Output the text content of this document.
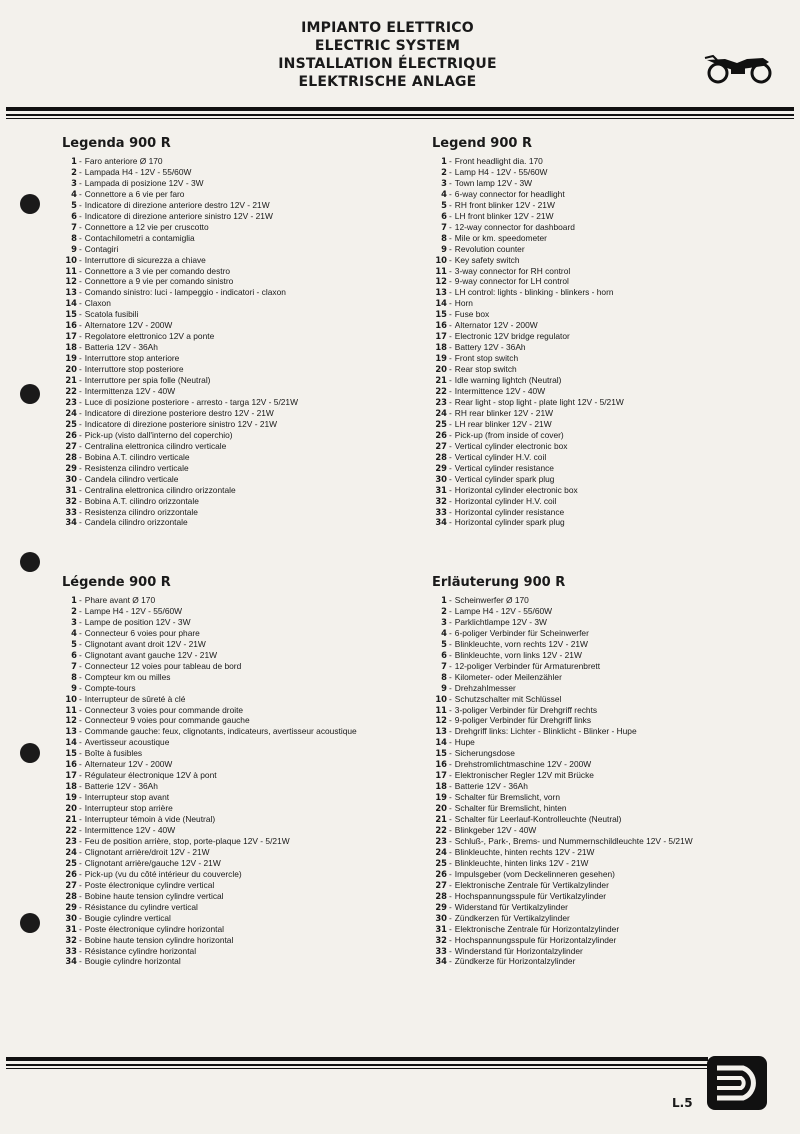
IMPIANTO ELETTRICO
ELECTRIC SYSTEM
INSTALLATION ÉLECTRIQUE
ELEKTRISCHE ANLAGE
Legenda 900 R
1 - Faro anteriore Ø 170
2 - Lampada H4 - 12V - 55/60W
3 - Lampada di posizione 12V - 3W
4 - Connettore a 6 vie per faro
5 - Indicatore di direzione anteriore destro 12V - 21W
6 - Indicatore di direzione anteriore sinistro 12V - 21W
7 - Connettore a 12 vie per cruscotto
8 - Contachilometri a contamiglia
9 - Contagiri
10 - Interruttore di sicurezza a chiave
11 - Connettore a 3 vie per comando destro
12 - Connettore a 9 vie per comando sinistro
13 - Comando sinistro: luci - lampeggio - indicatori - claxon
14 - Claxon
15 - Scatola fusibili
16 - Alternatore 12V - 200W
17 - Regolatore elettronico 12V a ponte
18 - Batteria 12V - 36Ah
19 - Interruttore stop anteriore
20 - Interruttore stop posteriore
21 - Interruttore per spia folle (Neutral)
22 - Intermittenza 12V - 40W
23 - Luce di posizione posteriore - arresto - targa 12V - 5/21W
24 - Indicatore di direzione posteriore destro 12V - 21W
25 - Indicatore di direzione posteriore sinistro 12V - 21W
26 - Pick-up (visto dall'interno del coperchio)
27 - Centralina elettronica cilindro verticale
28 - Bobina A.T. cilindro verticale
29 - Resistenza cilindro verticale
30 - Candela cilindro verticale
31 - Centralina elettronica cilindro orizzontale
32 - Bobina A.T. cilindro orizzontale
33 - Resistenza cilindro orizzontale
34 - Candela cilindro orizzontale
Legend 900 R
1 - Front headlight dia. 170
2 - Lamp H4 - 12V - 55/60W
3 - Town lamp 12V - 3W
4 - 6-way connector for headlight
5 - RH front blinker 12V - 21W
6 - LH front blinker 12V - 21W
7 - 12-way connector for dashboard
8 - Mile or km. speedometer
9 - Revolution counter
10 - Key safety switch
11 - 3-way connector for RH control
12 - 9-way connector for LH control
13 - LH control: lights - blinking - blinkers - horn
14 - Horn
15 - Fuse box
16 - Alternator 12V - 200W
17 - Electronic 12V bridge regulator
18 - Battery 12V - 36Ah
19 - Front stop switch
20 - Rear stop switch
21 - Idle warning lightch (Neutral)
22 - Intermittence 12V - 40W
23 - Rear light - stop light - plate light 12V - 5/21W
24 - RH rear blinker 12V - 21W
25 - LH rear blinker 12V - 21W
26 - Pick-up (from inside of cover)
27 - Vertical cylinder electronic box
28 - Vertical cylinder H.V. coil
29 - Vertical cylinder resistance
30 - Vertical cylinder spark plug
31 - Horizontal cylinder electronic box
32 - Horizontal cylinder H.V. coil
33 - Horizontal cylinder resistance
34 - Horizontal cylinder spark plug
Légende 900 R
1 - Phare avant Ø 170
2 - Lampe H4 - 12V - 55/60W
3 - Lampe de position 12V - 3W
4 - Connecteur 6 voies pour phare
5 - Clignotant avant droit 12V - 21W
6 - Clignotant avant gauche 12V - 21W
7 - Connecteur 12 voies pour tableau de bord
8 - Compteur km ou milles
9 - Compte-tours
10 - Interrupteur de sûreté à clé
11 - Connecteur 3 voies pour commande droite
12 - Connecteur 9 voies pour commande gauche
13 - Commande gauche: feux, clignotants, indicateurs, avertisseur acoustique
14 - Avertisseur acoustique
15 - Boîte à fusibles
16 - Alternateur 12V - 200W
17 - Régulateur électronique 12V à pont
18 - Batterie 12V - 36Ah
19 - Interrupteur stop avant
20 - Interrupteur stop arrière
21 - Interrupteur témoin à vide (Neutral)
22 - Intermittence 12V - 40W
23 - Feu de position arrière, stop, porte-plaque 12V - 5/21W
24 - Clignotant arrière/droit 12V - 21W
25 - Clignotant arrière/gauche 12V - 21W
26 - Pick-up (vu du côté intérieur du couvercle)
27 - Poste électronique cylindre vertical
28 - Bobine haute tension cylindre vertical
29 - Résistance du cylindre vertical
30 - Bougie cylindre vertical
31 - Poste électronique cylindre horizontal
32 - Bobine haute tension cylindre horizontal
33 - Résistance cylindre horizontal
34 - Bougie cylindre horizontal
Erläuterung 900 R
1 - Scheinwerfer Ø 170
2 - Lampe H4 - 12V - 55/60W
3 - Parklichtlampe 12V - 3W
4 - 6-poliger Verbinder für Scheinwerfer
5 - Blinkleuchte, vorn rechts 12V - 21W
6 - Blinkleuchte, vorn links 12V - 21W
7 - 12-poliger Verbinder für Armaturenbrett
8 - Kilometer- oder Meilenzähler
9 - Drehzahlmesser
10 - Schutzschalter mit Schlüssel
11 - 3-poliger Verbinder für Drehgriff rechts
12 - 9-poliger Verbinder für Drehgriff links
13 - Drehgriff links: Lichter - Blinklicht - Blinker - Hupe
14 - Hupe
15 - Sicherungsdose
16 - Drehstromlichtmaschine 12V - 200W
17 - Elektronischer Regler 12V mit Brücke
18 - Batterie 12V - 36Ah
19 - Schalter für Bremslicht, vorn
20 - Schalter für Bremslicht, hinten
21 - Schalter für Leerlauf-Kontrolleuchte (Neutral)
22 - Blinkgeber 12V - 40W
23 - Schluß-, Park-, Brems- und Nummernschildleuchte 12V - 5/21W
24 - Blinkleuchte, hinten rechts 12V - 21W
25 - Blinkleuchte, hinten links 12V - 21W
26 - Impulsgeber (vom Deckelinneren gesehen)
27 - Elektronische Zentrale für Vertikalzylinder
28 - Hochspannungsspule für Vertikalzylinder
29 - Widerstand für Vertikalzylinder
30 - Zündkerzen für Vertikalzylinder
31 - Elektronische Zentrale für Horizontalzylinder
32 - Hochspannungsspule für Horizontalzylinder
33 - Winderstand für Horizontalzylinder
34 - Zündkerze für Horizontalzylinder
L.5
